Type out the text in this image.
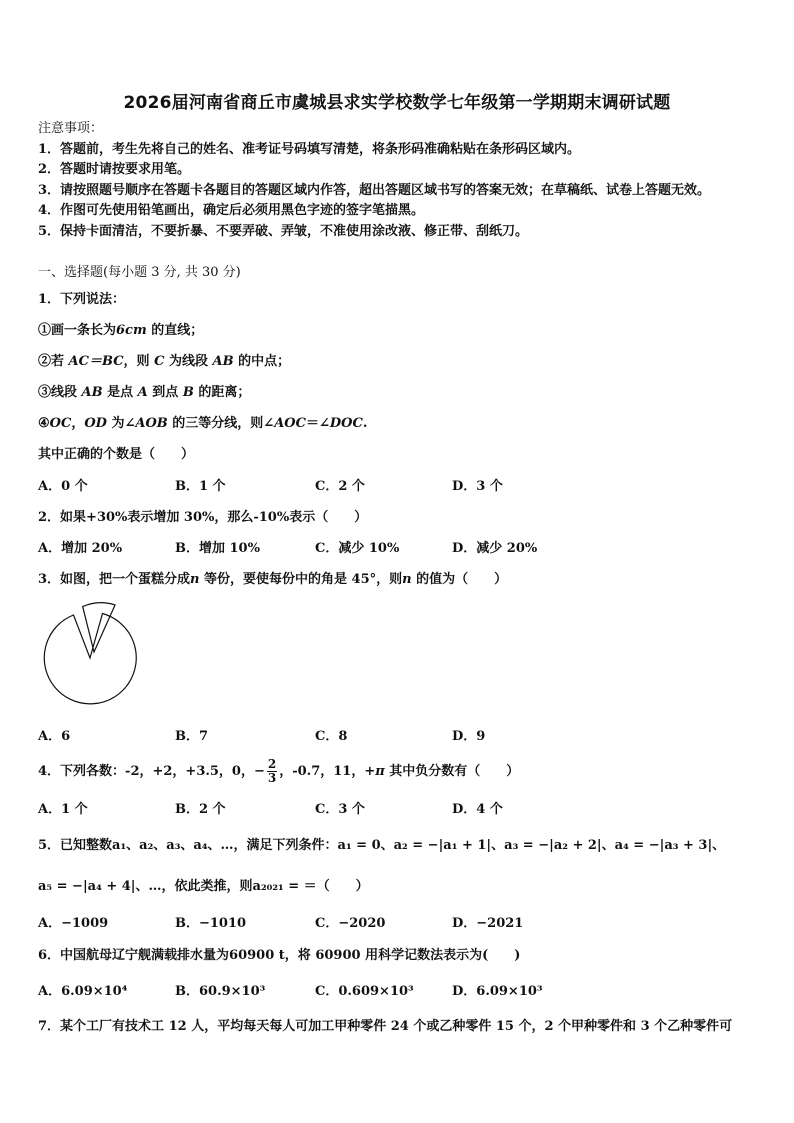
2026届河南省商丘市虞城县求实学校数学七年级第一学期期末调研试题
注意事项：
1．答题前，考生先将自己的姓名、准考证号码填写清楚，将条形码准确粘贴在条形码区域内。
2．答题时请按要求用笔。
3．请按照题号顺序在答题卡各题目的答题区域内作答，超出答题区域书写的答案无效；在草稿纸、试卷上答题无效。
4．作图可先使用铅笔画出，确定后必须用黑色字迹的签字笔描黑。
5．保持卡面清洁，不要折暴、不要弄破、弄皱，不准使用涂改液、修正带、刮纸刀。
一、选择题(每小题 3 分, 共 30 分)
1．下列说法：
①画一条长为6cm 的直线；
②若 AC＝BC，则 C 为线段 AB 的中点；
③线段 AB 是点 A 到点 B 的距离；
④OC，OD 为∠AOB 的三等分线，则∠AOC＝∠DOC.
其中正确的个数是（　　）
A．0 个	B．1 个	C．2 个	D．3 个
2．如果+30%表示增加 30%，那么-10%表示（　　）
A．增加 20%	B．增加 10%	C．减少 10%	D．减少 20%
3．如图，把一个蛋糕分成n 等份，要使每份中的角是 45°，则n 的值为（　　）
A．6	B．7	C．8	D．9
4．下列各数：-2，+2，+3.5，0，− $\frac{2}{3}$ ，-0.7，11，+π 其中负分数有（　　）
A．1 个	B．2 个	C．3 个	D．4 个
5．已知整数a₁、a₂、a₃、a₄、…，满足下列条件：a₁ = 0、a₂ = −|a₁ + 1|、a₃ = −|a₂ + 2|、a₄ = −|a₃ + 3|、
a₅ = −|a₄ + 4|、…，依此类推，则a₂₀₂₁ = ＝（　　）
A．−1009	B．−1010	C．−2020	D．−2021
6．中国航母辽宁舰满载排水量为60900 t，将 60900 用科学记数法表示为(　　)
A．6.09×10⁴	B．60.9×10³	C．0.609×10³	D．6.09×10³
7．某个工厂有技术工 12 人，平均每天每人可加工甲种零件 24 个或乙种零件 15 个，2 个甲种零件和 3 个乙种零件可
